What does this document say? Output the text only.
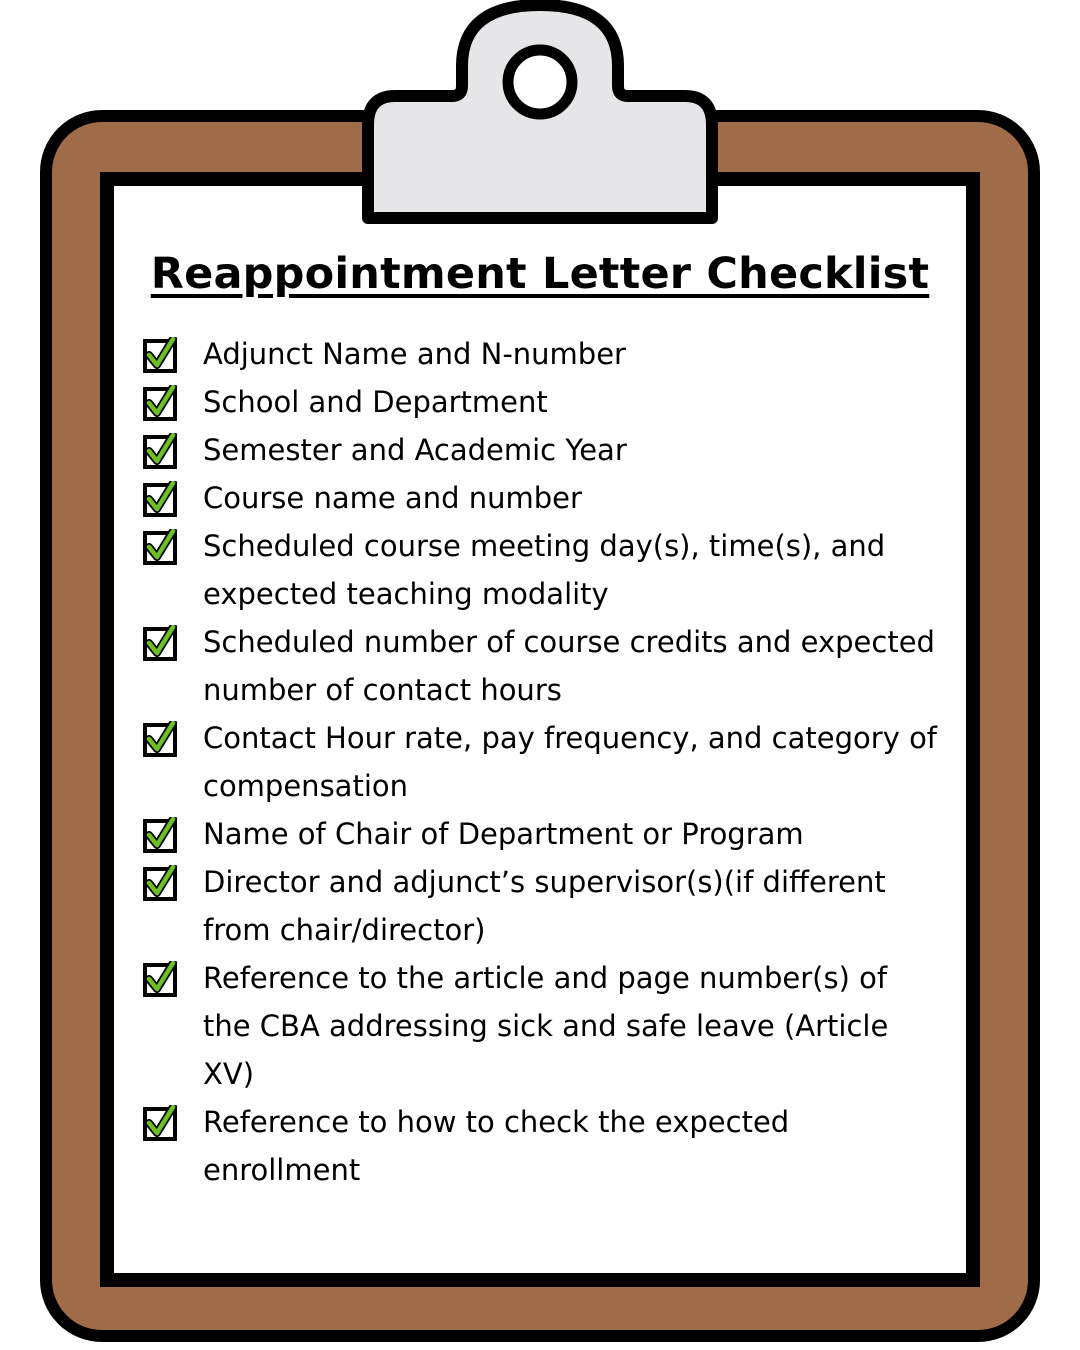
Reappointment Letter Checklist
Adjunct Name and N-number
School and Department
Semester and Academic Year
Course name and number
Scheduled course meeting day(s), time(s), and expected teaching modality
Scheduled number of course credits and expected number of contact hours
Contact Hour rate, pay frequency, and category of compensation
Name of Chair of Department or Program
Director and adjunct’s supervisor(s)(if different from chair/director)
Reference to the article and page number(s) of the CBA addressing sick and safe leave (Article XV)
Reference to how to check the expected enrollment
